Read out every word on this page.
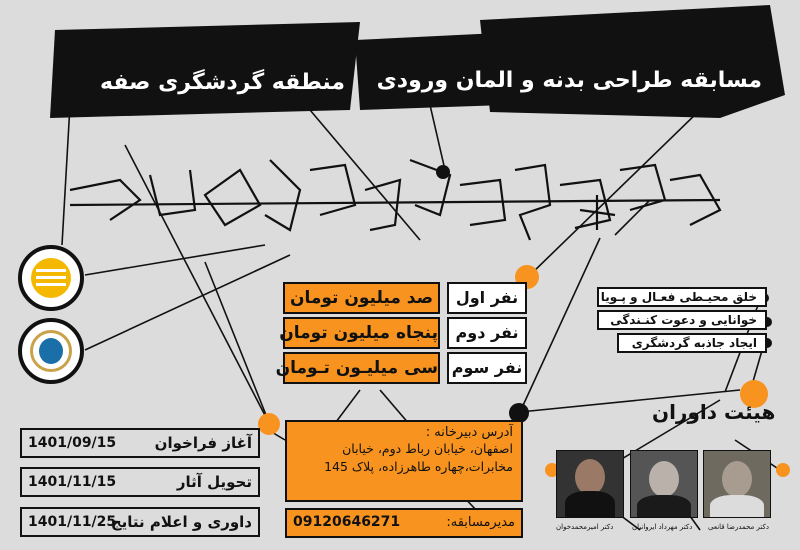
مسابقه طراحی بدنه و المان ورودی
منطقه گردشگری صفه
صد میلیون تومان
پنجاه میلیون تومان
سی میلیـون تـومان
نفر اول
نفر دوم
نفر سوم
خلق محیـطی فعـال و پـویا
خوانایی و دعوت کنـندگی
ایجاد جاذبه گردشگری
آغاز فراخوان
1401/09/15
تحویل آثار
1401/11/15
داوری و اعلام نتایج
1401/11/25
آدرس دبیرخانه :
اصفهان، خیابان رباط دوم، خیابان مخابرات،چهاره طاهرزاده، پلاک 145
مدیرمسابقه:
09120646271
هیئت داوران
دکتر امیرمحمدخوان	دکتر مهرداد ایروانیان دکتر محمدرضا قانعی
